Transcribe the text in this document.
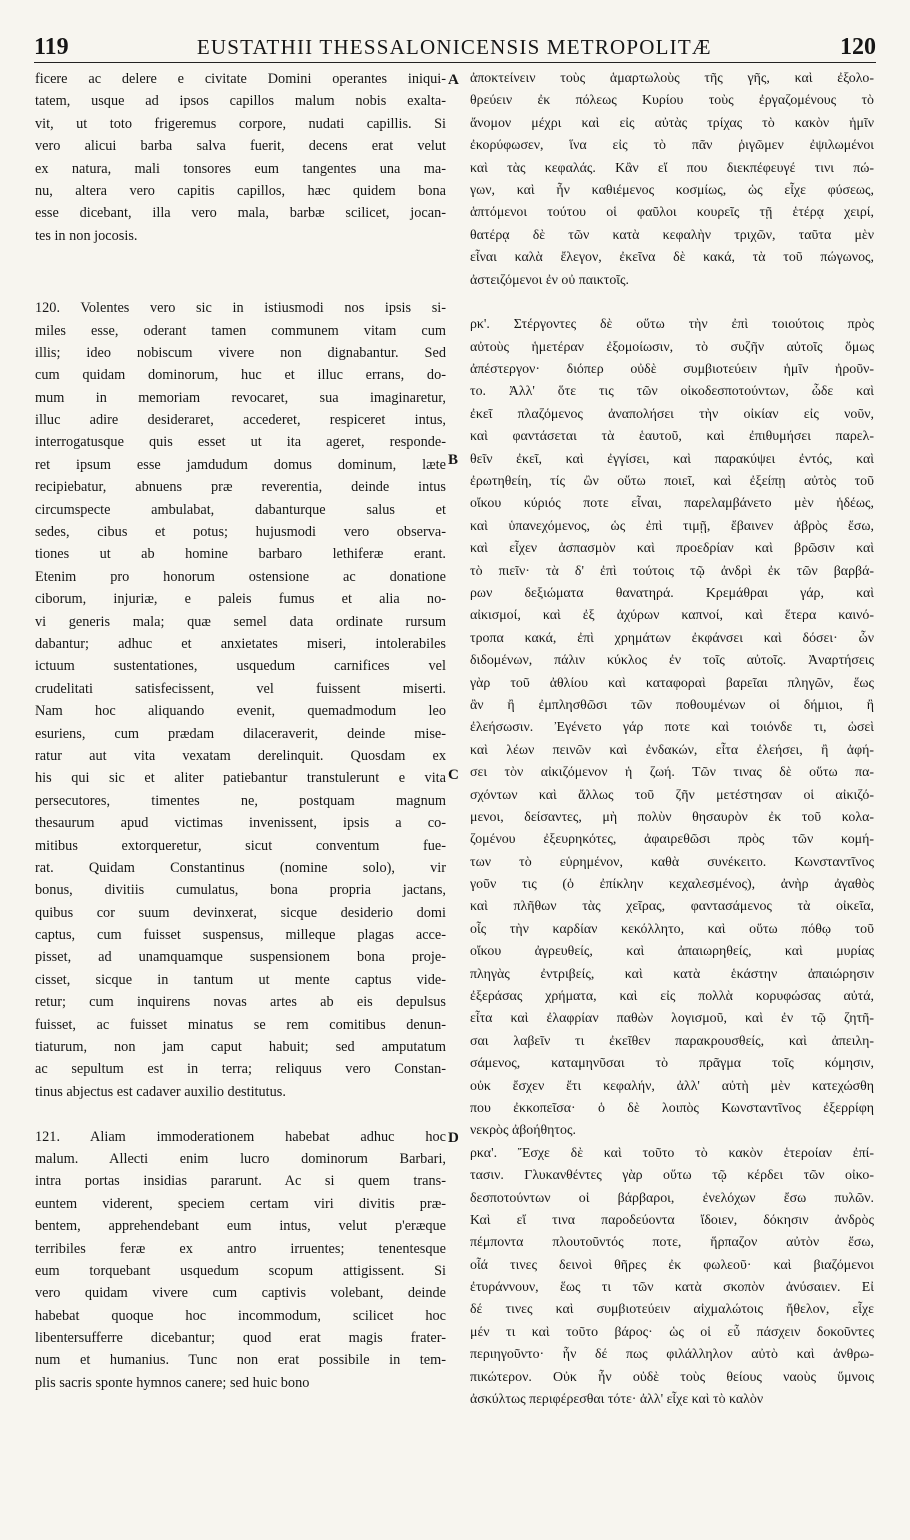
119	EUSTATHII THESSALONICENSIS METROPOLITÆ	120
ficere ac delere e civitate Domini operantes iniqui-
tatem, usque ad ipsos capillos malum nobis exalta-
vit, ut toto frigeremus corpore, nudati capillis. Si
vero alicui barba salva fuerit, decens erat velut
ex natura, mali tonsores eum tangentes una ma-
nu, altera vero capitis capillos, hæc quidem bona
esse dicebant, illa vero mala, barbæ scilicet, jocan-
tes in non jocosis.
120. Volentes vero sic in istiusmodi nos ipsis si-
miles esse, oderant tamen communem vitam cum
illis; ideo nobiscum vivere non dignabantur. Sed
cum quidam dominorum, huc et illuc errans, do-
mum in memoriam revocaret, sua imaginaretur,
illuc adire desideraret, accederet, respiceret intus,
interrogatusque quis esset ut ita ageret, responde-
ret ipsum esse jamdudum domus dominum, læte
recipiebatur, abnuens præ reverentia, deinde intus
circumspecte ambulabat, dabanturque salus et
sedes, cibus et potus; hujusmodi vero observa-
tiones ut ab homine barbaro lethiferæ erant.
Etenim pro honorum ostensione ac donatione
ciborum, injuriæ, e paleis fumus et alia no-
vi generis mala; quæ semel data ordinate rursum
dabantur; adhuc et anxietates miseri, intolerabiles
ictuum sustentationes, usquedum carnifices vel
crudelitati satisfecissent, vel fuissent miserti.
Nam hoc aliquando evenit, quemadmodum leo
esuriens, cum prædam dilaceraverit, deinde mise-
ratur aut vita vexatam derelinquit. Quosdam ex
his qui sic et aliter patiebantur transtulerunt e vita
persecutores, timentes ne, postquam magnum
thesaurum apud victimas invenissent, ipsis a co-
mitibus extorqueretur, sicut conventum fue-
rat. Quidam Constantinus (nomine solo), vir
bonus, divitiis cumulatus, bona propria jactans,
quibus cor suum devinxerat, sicque desiderio domi
captus, cum fuisset suspensus, milleque plagas acce-
pisset, ad unamquamque suspensionem bona proje-
cisset, sicque in tantum ut mente captus vide-
retur; cum inquirens novas artes ab eis depulsus
fuisset, ac fuisset minatus se rem comitibus denun-
tiaturum, non jam caput habuit; sed amputatum
ac sepultum est in terra; reliquus vero Constan-
tinus abjectus est cadaver auxilio destitutus.
121. Aliam immoderationem habebat adhuc hoc
malum. Allecti enim lucro dominorum Barbari,
intra portas insidias pararunt. Ac si quem trans-
euntem viderent, speciem certam viri divitis præ-
bentem, apprehendebant eum intus, velut p'eræque
terribiles feræ ex antro irruentes; tenentesque
eum torquebant usquedum scopum attigissent. Si
vero quidam vivere cum captivis volebant, deinde
habebat quoque hoc incommodum, scilicet hoc
libentersufferre dicebantur; quod erat magis frater-
num et humanius. Tunc non erat possibile in tem-
plis sacris sponte hymnos canere; sed huic bono
A
B
C
D
ἀποκτείνειν τοὺς ἁμαρτωλοὺς τῆς γῆς, καὶ ἐξολο-
θρεύειν ἐκ πόλεως Κυρίου τοὺς ἐργαζομένους τὸ
ἄνομον μέχρι καὶ εἰς αὐτὰς τρίχας τὸ κακὸν ἡμῖν
ἐκορύφωσεν, ἵνα εἰς τὸ πᾶν ῥιγῶμεν ἐψιλωμένοι
καὶ τὰς κεφαλάς. Κἂν εἴ που διεκπέφευγέ τινι πώ-
γων, καὶ ἦν καθιέμενος κοσμίως, ὡς εἶχε φύσεως,
ἁπτόμενοι τούτου οἱ φαῦλοι κουρεῖς τῇ ἑτέρᾳ χειρί,
θατέρᾳ δὲ τῶν κατὰ κεφαλὴν τριχῶν, ταῦτα μὲν
εἶναι καλὰ ἔλεγον, ἐκεῖνα δὲ κακά, τὰ τοῦ πώγωνος,
ἀστειζόμενοι ἐν οὐ παικτοῖς.
ρκ'. Στέργοντες δὲ οὕτω τὴν ἐπὶ τοιούτοις πρὸς
αὐτοὺς ἡμετέραν ἐξομοίωσιν, τὸ συζῆν αὐτοῖς ὅμως
ἀπέστεργον· διόπερ οὐδὲ συμβιοτεύειν ἡμῖν ἠροῦν-
το. Ἀλλ' ὅτε τις τῶν οἰκοδεσποτούντων, ὧδε καὶ
ἐκεῖ πλαζόμενος ἀναπολήσει τὴν οἰκίαν εἰς νοῦν,
καὶ φαντάσεται τὰ ἑαυτοῦ, καὶ ἐπιθυμήσει παρελ-
θεῖν ἐκεῖ, καὶ ἐγγίσει, καὶ παρακύψει ἐντός, καὶ
ἐρωτηθείη, τίς ὢν οὕτω ποιεῖ, καὶ ἐξείπῃ αὐτὸς τοῦ
οἴκου κύριός ποτε εἶναι, παρελαμβάνετο μὲν ἡδέως,
καὶ ὑπανεχόμενος, ὡς ἐπὶ τιμῇ, ἔβαινεν ἁβρὸς ἔσω,
καὶ εἶχεν ἀσπασμὸν καὶ προεδρίαν καὶ βρῶσιν καὶ
τὸ πιεῖν· τὰ δ' ἐπὶ τούτοις τῷ ἀνδρὶ ἐκ τῶν βαρβά-
ρων δεξιώματα θανατηρά. Κρεμάθραι γάρ, καὶ
αἰκισμοί, καὶ ἐξ ἀχύρων καπνοί, καὶ ἕτερα καινό-
τροπα κακά, ἐπὶ χρημάτων ἐκφάνσει καὶ δόσει· ὧν
διδομένων, πάλιν κύκλος ἐν τοῖς αὐτοῖς. Ἀναρτήσεις
γὰρ τοῦ ἀθλίου καὶ καταφοραὶ βαρεῖαι πληγῶν, ἕως
ἂν ἢ ἐμπλησθῶσι τῶν ποθουμένων οἱ δήμιοι, ἢ
ἐλεήσωσιν. Ἐγένετο γάρ ποτε καὶ τοιόνδε τι, ὡσεὶ
καὶ λέων πεινῶν καὶ ἐνδακών, εἶτα ἐλεήσει, ἢ ἀφή-
σει τὸν αἰκιζόμενον ἡ ζωή. Τῶν τινας δὲ οὕτω πα-
σχόντων καὶ ἄλλως τοῦ ζῆν μετέστησαν οἱ αἰκιζό-
μενοι, δείσαντες, μὴ πολὺν θησαυρὸν ἐκ τοῦ κολα-
ζομένου ἐξευρηκότες, ἀφαιρεθῶσι πρὸς τῶν κομή-
των τὸ εὑρημένον, καθὰ συνέκειτο. Κωνσταντῖνος
γοῦν τις (ὁ ἐπίκλην κεχαλεσμένος), ἀνὴρ ἀγαθὸς
καὶ πλῆθων τὰς χεῖρας, φαντασάμενος τὰ οἰκεῖα,
οἷς τὴν καρδίαν κεκόλλητο, καὶ οὕτω πόθῳ τοῦ
οἴκου ἀγρευθείς, καὶ ἀπαιωρηθείς, καὶ μυρίας
πληγὰς ἐντριβείς, καὶ κατὰ ἑκάστην ἀπαιώρησιν
ἐξεράσας χρήματα, καὶ εἰς πολλὰ κορυφώσας αὐτά,
εἶτα καὶ ἐλαφρίαν παθὼν λογισμοῦ, καὶ ἐν τῷ ζητῆ-
σαι λαβεῖν τι ἐκεῖθεν παρακρουσθείς, καὶ ἀπειλη-
σάμενος, καταμηνῦσαι τὸ πρᾶγμα τοῖς κόμησιν,
οὐκ ἔσχεν ἔτι κεφαλήν, ἀλλ' αὐτὴ μὲν κατεχώσθη
που ἐκκοπεῖσα· ὁ δὲ λοιπὸς Κωνσταντῖνος ἐξερρίφη
νεκρὸς ἀβοήθητος.
ρκα'. Ἔσχε δὲ καὶ τοῦτο τὸ κακὸν ἑτεροίαν ἐπί-
τασιν. Γλυκανθέντες γὰρ οὕτω τῷ κέρδει τῶν οἰκο-
δεσποτούντων οἱ βάρβαροι, ἐνελόχων ἔσω πυλῶν.
Καὶ εἴ τινα παροδεύοντα ἴδοιεν, δόκησιν ἀνδρὸς
πέμποντα πλουτοῦντός ποτε, ἥρπαζον αὐτὸν ἔσω,
οἷά τινες δεινοὶ θῆρες ἐκ φωλεοῦ· καὶ βιαζόμενοι
ἐτυράννουν, ἕως τι τῶν κατὰ σκοπὸν ἀνύσαιεν. Εἰ
δέ τινες καὶ συμβιοτεύειν αἰχμαλώτοις ἤθελον, εἶχε
μέν τι καὶ τοῦτο βάρος· ὡς οἱ εὖ πάσχειν δοκοῦντες
περιηγοῦντο· ἦν δέ πως φιλάλληλον αὐτὸ καὶ ἀνθρω-
πικώτερον. Οὐκ ἦν οὐδὲ τοὺς θείους ναοὺς ὕμνοις
ἀσκύλτως περιφέρεσθαι τότε· ἀλλ' εἶχε καὶ τὸ καλὸν
